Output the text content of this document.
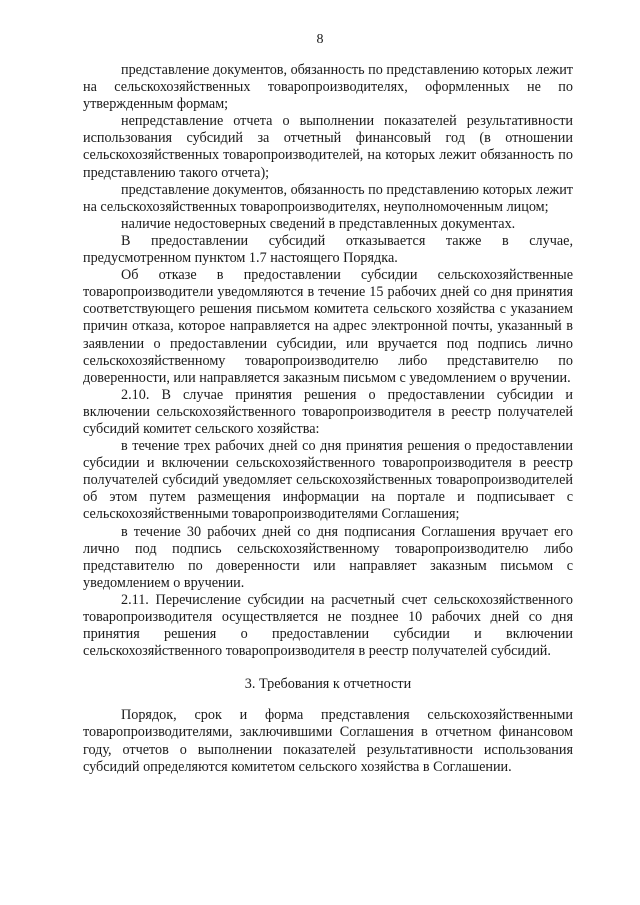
8

представление документов, обязанность по представлению которых лежит на сельскохозяйственных товаропроизводителях, оформленных не по утвержденным формам;

непредставление отчета о выполнении показателей результативности использования субсидий за отчетный финансовый год (в отношении сельскохозяйственных товаропроизводителей, на которых лежит обязанность по представлению такого отчета);

представление документов, обязанность по представлению которых лежит на сельскохозяйственных товаропроизводителях, неуполномоченным лицом;

наличие недостоверных сведений в представленных документах.

В предоставлении субсидий отказывается также в случае, предусмотренном пунктом 1.7 настоящего Порядка.

Об отказе в предоставлении субсидии сельскохозяйственные товаропроизводители уведомляются в течение 15 рабочих дней со дня принятия соответствующего решения письмом комитета сельского хозяйства с указанием причин отказа, которое направляется на адрес электронной почты, указанный в заявлении о предоставлении субсидии, или вручается под подпись лично сельскохозяйственному товаропроизводителю либо представителю по доверенности, или направляется заказным письмом с уведомлением о вручении.

2.10. В случае принятия решения о предоставлении субсидии и включении сельскохозяйственного товаропроизводителя в реестр получателей субсидий комитет сельского хозяйства:

в течение трех рабочих дней со дня принятия решения о предоставлении субсидии и включении сельскохозяйственного товаропроизводителя в реестр получателей субсидий уведомляет сельскохозяйственных товаропроизводителей об этом путем размещения информации на портале и подписывает с сельскохозяйственными товаропроизводителями Соглашения;

в течение 30 рабочих дней со дня подписания Соглашения вручает его лично под подпись сельскохозяйственному товаропроизводителю либо представителю по доверенности или направляет заказным письмом с уведомлением о вручении.

2.11. Перечисление субсидии на расчетный счет сельскохозяйственного товаропроизводителя осуществляется не позднее 10 рабочих дней со дня принятия решения о предоставлении субсидии и включении сельскохозяйственного товаропроизводителя в реестр получателей субсидий.

3. Требования к отчетности

Порядок, срок и форма представления сельскохозяйственными товаропроизводителями, заключившими Соглашения в отчетном финансовом году, отчетов о выполнении показателей результативности использования субсидий определяются комитетом сельского хозяйства в Соглашении.
